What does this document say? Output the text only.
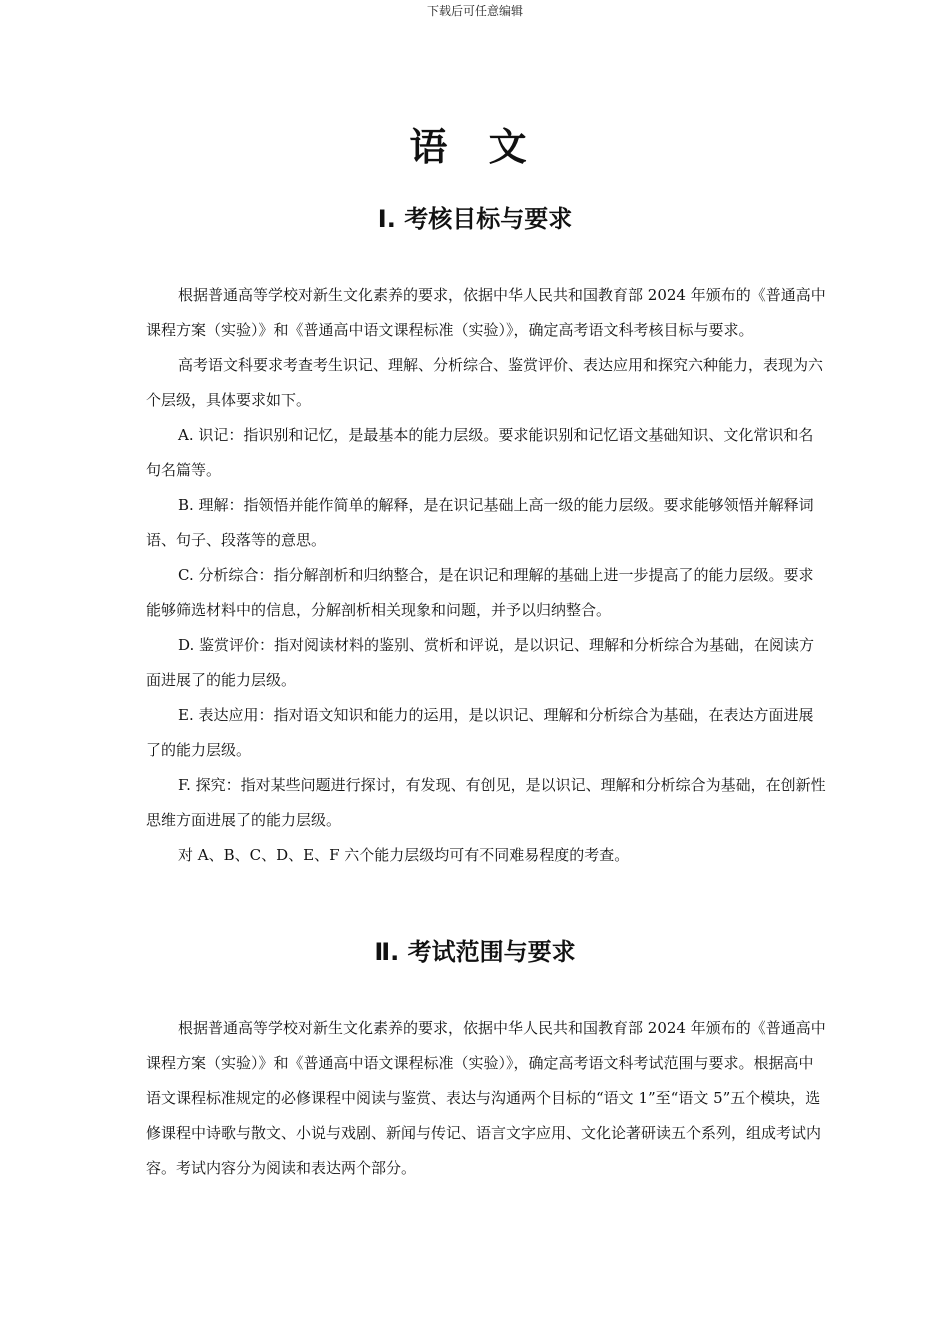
下载后可任意编辑
语 文
Ⅰ. 考核目标与要求

根据普通高等学校对新生文化素养的要求，依据中华人民共和国教育部 2024 年颁布的《普通高中课程方案（实验）》和《普通高中语文课程标准（实验）》，确定高考语文科考核目标与要求。

高考语文科要求考查考生识记、理解、分析综合、鉴赏评价、表达应用和探究六种能力，表现为六个层级，具体要求如下。

A. 识记：指识别和记忆，是最基本的能力层级。要求能识别和记忆语文基础知识、文化常识和名句名篇等。

B. 理解：指领悟并能作简单的解释，是在识记基础上高一级的能力层级。要求能够领悟并解释词语、句子、段落等的意思。

C. 分析综合：指分解剖析和归纳整合，是在识记和理解的基础上进一步提高了的能力层级。要求能够筛选材料中的信息，分解剖析相关现象和问题，并予以归纳整合。

D. 鉴赏评价：指对阅读材料的鉴别、赏析和评说，是以识记、理解和分析综合为基础，在阅读方面进展了的能力层级。

E. 表达应用：指对语文知识和能力的运用，是以识记、理解和分析综合为基础，在表达方面进展了的能力层级。

F. 探究：指对某些问题进行探讨，有发现、有创见，是以识记、理解和分析综合为基础，在创新性思维方面进展了的能力层级。

对 A、B、C、D、E、F 六个能力层级均可有不同难易程度的考查。

Ⅱ. 考试范围与要求

根据普通高等学校对新生文化素养的要求，依据中华人民共和国教育部 2024 年颁布的《普通高中课程方案（实验）》和《普通高中语文课程标准（实验）》，确定高考语文科考试范围与要求。根据高中语文课程标准规定的必修课程中阅读与鉴赏、表达与沟通两个目标的“语文 1”至“语文 5”五个模块，选修课程中诗歌与散文、小说与戏剧、新闻与传记、语言文字应用、文化论著研读五个系列，组成考试内容。考试内容分为阅读和表达两个部分。
